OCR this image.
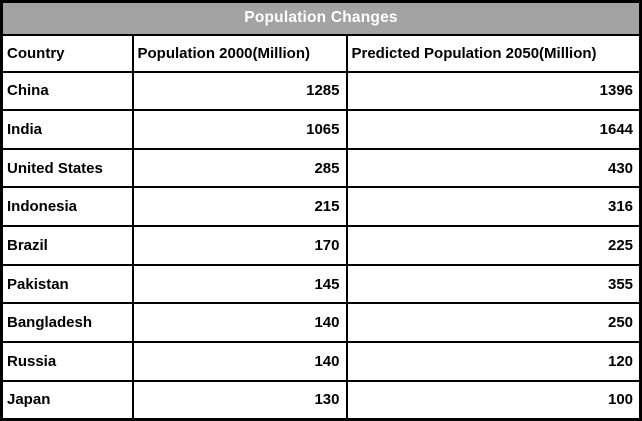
Population Changes		
Country	Population 2000(Million)	Predicted Population 2050(Million)
China	1285	1396
India	1065	1644
United States	285	430
Indonesia	215	316
Brazil	170	225
Pakistan	145	355
Bangladesh	140	250
Russia	140	120
Japan	130	100
